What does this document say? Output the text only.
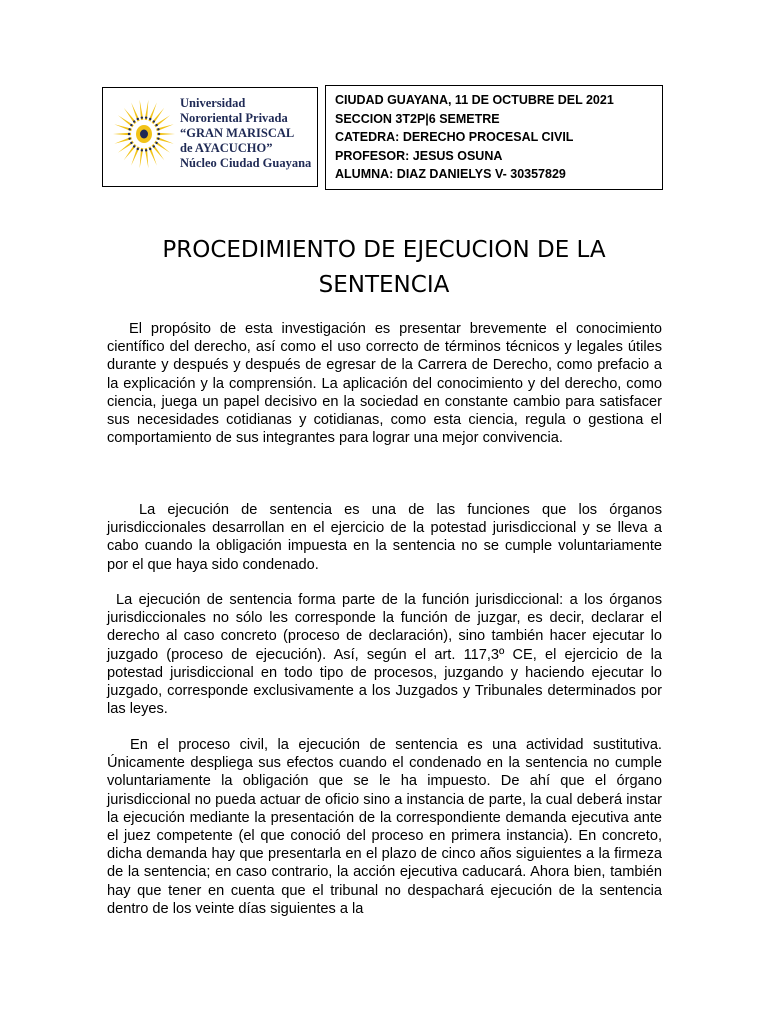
Universidad
Nororiental Privada
“GRAN MARISCAL
de AYACUCHO”
Núcleo Ciudad Guayana
CIUDAD GUAYANA, 11 DE OCTUBRE DEL 2021
SECCION 3T2P|6 SEMETRE
CATEDRA: DERECHO PROCESAL CIVIL
PROFESOR: JESUS OSUNA
ALUMNA: DIAZ DANIELYS V- 30357829
PROCEDIMIENTO DE EJECUCION DE LA
SENTENCIA

El propósito de esta investigación es presentar brevemente el conocimiento científico del derecho, así como el uso correcto de términos técnicos y legales útiles durante y después y después de egresar de la Carrera de Derecho, como prefacio a la explicación y la comprensión. La aplicación del conocimiento y del derecho, como ciencia, juega un papel decisivo en la sociedad en constante cambio para satisfacer sus necesidades cotidianas y cotidianas, como esta ciencia, regula o gestiona el comportamiento de sus integrantes para lograr una mejor convivencia.

La ejecución de sentencia es una de las funciones que los órganos jurisdiccionales desarrollan en el ejercicio de la potestad jurisdiccional y se lleva a cabo cuando la obligación impuesta en la sentencia no se cumple voluntariamente por el que haya sido condenado.

La ejecución de sentencia forma parte de la función jurisdiccional: a los órganos jurisdiccionales no sólo les corresponde la función de juzgar, es decir, declarar el derecho al caso concreto (proceso de declaración), sino también hacer ejecutar lo juzgado (proceso de ejecución). Así, según el art. 117,3º CE, el ejercicio de la potestad jurisdiccional en todo tipo de procesos, juzgando y haciendo ejecutar lo juzgado, corresponde exclusivamente a los Juzgados y Tribunales determinados por las leyes.

En el proceso civil, la ejecución de sentencia es una actividad sustitutiva. Únicamente despliega sus efectos cuando el condenado en la sentencia no cumple voluntariamente la obligación que se le ha impuesto. De ahí que el órgano jurisdiccional no pueda actuar de oficio sino a instancia de parte, la cual deberá instar la ejecución mediante la presentación de la correspondiente demanda ejecutiva ante el juez competente (el que conoció del proceso en primera instancia). En concreto, dicha demanda hay que presentarla en el plazo de cinco años siguientes a la firmeza de la sentencia; en caso contrario, la acción ejecutiva caducará. Ahora bien, también hay que tener en cuenta que el tribunal no despachará ejecución de la sentencia dentro de los veinte días siguientes a la
